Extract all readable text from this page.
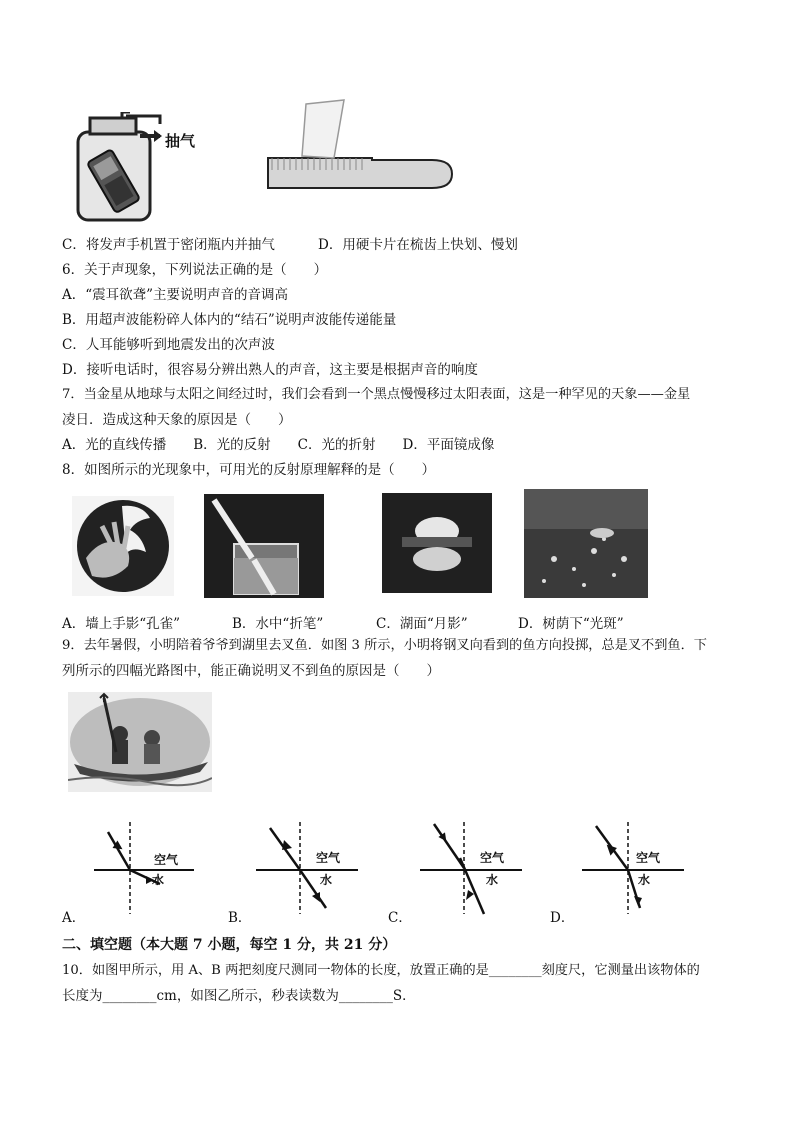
抽气
C．将发声手机置于密闭瓶内并抽气	D．用硬卡片在梳齿上快划、慢划
6．关于声现象，下列说法正确的是（　　）
A．“震耳欲聋”主要说明声音的音调高
B．用超声波能粉碎人体内的“结石”说明声波能传递能量
C．人耳能够听到地震发出的次声波
D．接听电话时，很容易分辨出熟人的声音，这主要是根据声音的响度
7．当金星从地球与太阳之间经过时，我们会看到一个黑点慢慢移过太阳表面，这是一种罕见的天象——金星
凌日．造成这种天象的原因是（　　）
A．光的直线传播　　B．光的反射　　C．光的折射　　D．平面镜成像
8．如图所示的光现象中，可用光的反射原理解释的是（　　）
A．墙上手影“孔雀”	B．水中“折笔”	C．湖面“月影”	D．树荫下“光斑”
9．去年暑假，小明陪着爷爷到湖里去叉鱼．如图 3 所示，小明将钢叉向看到的鱼方向投掷，总是叉不到鱼．下
列所示的四幅光路图中，能正确说明叉不到鱼的原因是（　　）
空气
水
空气
水
空气
水
空气
水
A．	B．	C．	D．
二、填空题（本大题 7 小题，每空 1 分，共 21 分）
10．如图甲所示，用 A、B 两把刻度尺测同一物体的长度，放置正确的是________刻度尺，它测量出该物体的
长度为________cm，如图乙所示，秒表读数为________S．
